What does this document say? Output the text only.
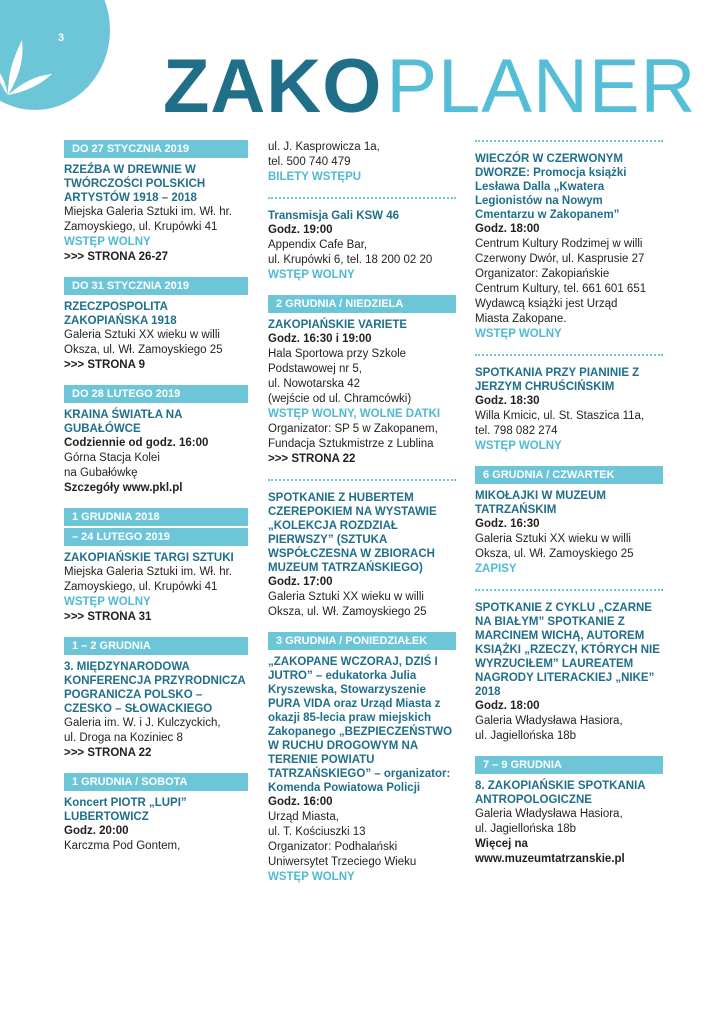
3
ZAKO PLANER
DO 27 STYCZNIA 2019
RZEŹBA W DREWNIE W TWÓRCZOŚCI POLSKICH ARTYSTÓW 1918 – 2018
Miejska Galeria Sztuki im. Wł. hr.
Zamoyskiego, ul. Krupówki 41
WSTĘP WOLNY
>>> STRONA 26-27
DO 31 STYCZNIA 2019
RZECZPOSPOLITA ZAKOPIAŃSKA 1918
Galeria Sztuki XX wieku w willi
Oksza, ul. Wł. Zamoyskiego 25
>>> STRONA 9
DO 28 LUTEGO 2019
KRAINA ŚWIATŁA NA GUBAŁÓWCE
Codziennie od godz. 16:00
Górna Stacja Kolei
na Gubałówkę
Szczegóły www.pkl.pl
1 GRUDNIA 2018
– 24 LUTEGO 2019
ZAKOPIAŃSKIE TARGI SZTUKI
Miejska Galeria Sztuki im. Wł. hr.
Zamoyskiego, ul. Krupówki 41
WSTĘP WOLNY
>>> STRONA 31
1 – 2 GRUDNIA
3. MIĘDZYNARODOWA KONFERENCJA PRZYRODNICZA POGRANICZA POLSKO – CZESKO – SŁOWACKIEGO
Galeria im. W. i J. Kulczyckich,
ul. Droga na Koziniec 8
>>> STRONA 22
1 GRUDNIA / SOBOTA
Koncert PIOTR „LUPI” LUBERTOWICZ
Godz. 20:00
Karczma Pod Gontem,
ul. J. Kasprowicza 1a,
tel. 500 740 479
BILETY WSTĘPU
Transmisja Gali KSW 46
Godz. 19:00
Appendix Cafe Bar,
ul. Krupówki 6, tel. 18 200 02 20
WSTĘP WOLNY
2 GRUDNIA / NIEDZIELA
ZAKOPIAŃSKIE VARIETE
Godz. 16:30 i 19:00
Hala Sportowa przy Szkole
Podstawowej nr 5,
ul. Nowotarska 42
(wejście od ul. Chramcówki)
WSTĘP WOLNY, WOLNE DATKI
Organizator: SP 5 w Zakopanem,
Fundacja Sztukmistrze z Lublina
>>> STRONA 22
SPOTKANIE Z HUBERTEM CZEREPOKIEM NA WYSTAWIE „KOLEKCJA ROZDZIAŁ PIERWSZY” (SZTUKA WSPÓŁCZESNA W ZBIORACH MUZEUM TATRZAŃSKIEGO)
Godz. 17:00
Galeria Sztuki XX wieku w willi
Oksza, ul. Wł. Zamoyskiego 25
3 GRUDNIA / PONIEDZIAŁEK
„ZAKOPANE WCZORAJ, DZIŚ I JUTRO” – edukatorka Julia Kryszewska, Stowarzyszenie PURA VIDA oraz Urząd Miasta z okazji 85-lecia praw miejskich Zakopanego „BEZPIECZEŃSTWO W RUCHU DROGOWYM NA TERENIE POWIATU TATRZAŃSKIEGO” – organizator: Komenda Powiatowa Policji
Godz. 16:00
Urząd Miasta,
ul. T. Kościuszki 13
Organizator: Podhalański
Uniwersytet Trzeciego Wieku
WSTĘP WOLNY
WIECZÓR W CZERWONYM DWORZE: Promocja książki Lesława Dalla „Kwatera Legionistów na Nowym Cmentarzu w Zakopanem”
Godz. 18:00
Centrum Kultury Rodzimej w willi
Czerwony Dwór, ul. Kasprusie 27
Organizator: Zakopiańskie
Centrum Kultury, tel. 661 601 651
Wydawcą książki jest Urząd
Miasta Zakopane.
WSTĘP WOLNY
SPOTKANIA PRZY PIANINIE Z JERZYM CHRUŚCIŃSKIM
Godz. 18:30
Willa Kmicic, ul. St. Staszica 11a,
tel. 798 082 274
WSTĘP WOLNY
6 GRUDNIA / CZWARTEK
MIKOŁAJKI W MUZEUM TATRZAŃSKIM
Godz. 16:30
Galeria Sztuki XX wieku w willi
Oksza, ul. Wł. Zamoyskiego 25
ZAPISY
SPOTKANIE Z CYKLU „CZARNE NA BIAŁYM” SPOTKANIE Z MARCINEM WICHĄ, AUTOREM KSIĄŻKI „RZECZY, KTÓRYCH NIE WYRZUCIŁEM” LAUREATEM NAGRODY LITERACKIEJ „NIKE” 2018
Godz. 18:00
Galeria Władysława Hasiora,
ul. Jagiellońska 18b
7 – 9 GRUDNIA
8. ZAKOPIAŃSKIE SPOTKANIA ANTROPOLOGICZNE
Galeria Władysława Hasiora,
ul. Jagiellońska 18b
Więcej na
www.muzeumtatrzanskie.pl
